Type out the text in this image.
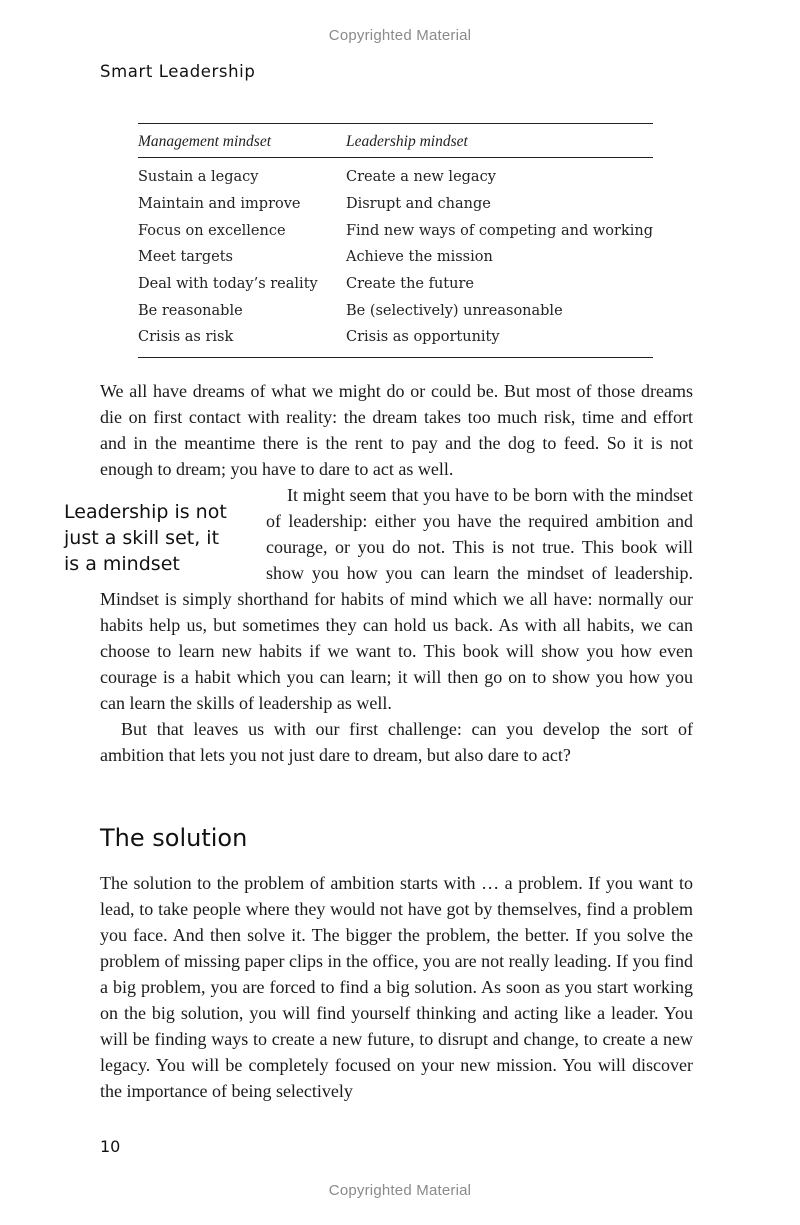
Copyrighted Material
Smart Leadership
Management mindset	Leadership mindset
Sustain a legacy	Create a new legacy
Maintain and improve	Disrupt and change
Focus on excellence	Find new ways of competing and working
Meet targets	Achieve the mission
Deal with today’s reality	Create the future
Be reasonable	Be (selectively) unreasonable
Crisis as risk	Crisis as opportunity

We all have dreams of what we might do or could be. But most of those dreams die on first contact with reality: the dream takes too much risk, time and effort and in the meantime there is the rent to pay and the dog to feed. So it is not enough to dream; you have to dare to act as well.

Leadership is not just a skill set, it is a mindset

It might seem that you have to be born with the mindset of leadership: either you have the required ambition and courage, or you do not. This is not true. This book will show you how you can learn the mindset of leadership. Mindset is simply shorthand for habits of mind which we all have: normally our habits help us, but sometimes they can hold us back. As with all habits, we can choose to learn new habits if we want to. This book will show you how even courage is a habit which you can learn; it will then go on to show you how you can learn the skills of leadership as well.

But that leaves us with our first challenge: can you develop the sort of ambition that lets you not just dare to dream, but also dare to act?

The solution

The solution to the problem of ambition starts with … a problem. If you want to lead, to take people where they would not have got by themselves, find a problem you face. And then solve it. The bigger the problem, the better. If you solve the problem of missing paper clips in the office, you are not really leading. If you find a big problem, you are forced to find a big solution. As soon as you start working on the big solution, you will find yourself thinking and acting like a leader. You will be finding ways to create a new future, to disrupt and change, to create a new legacy. You will be completely focused on your new mission. You will discover the importance of being selectively

10
Copyrighted Material
